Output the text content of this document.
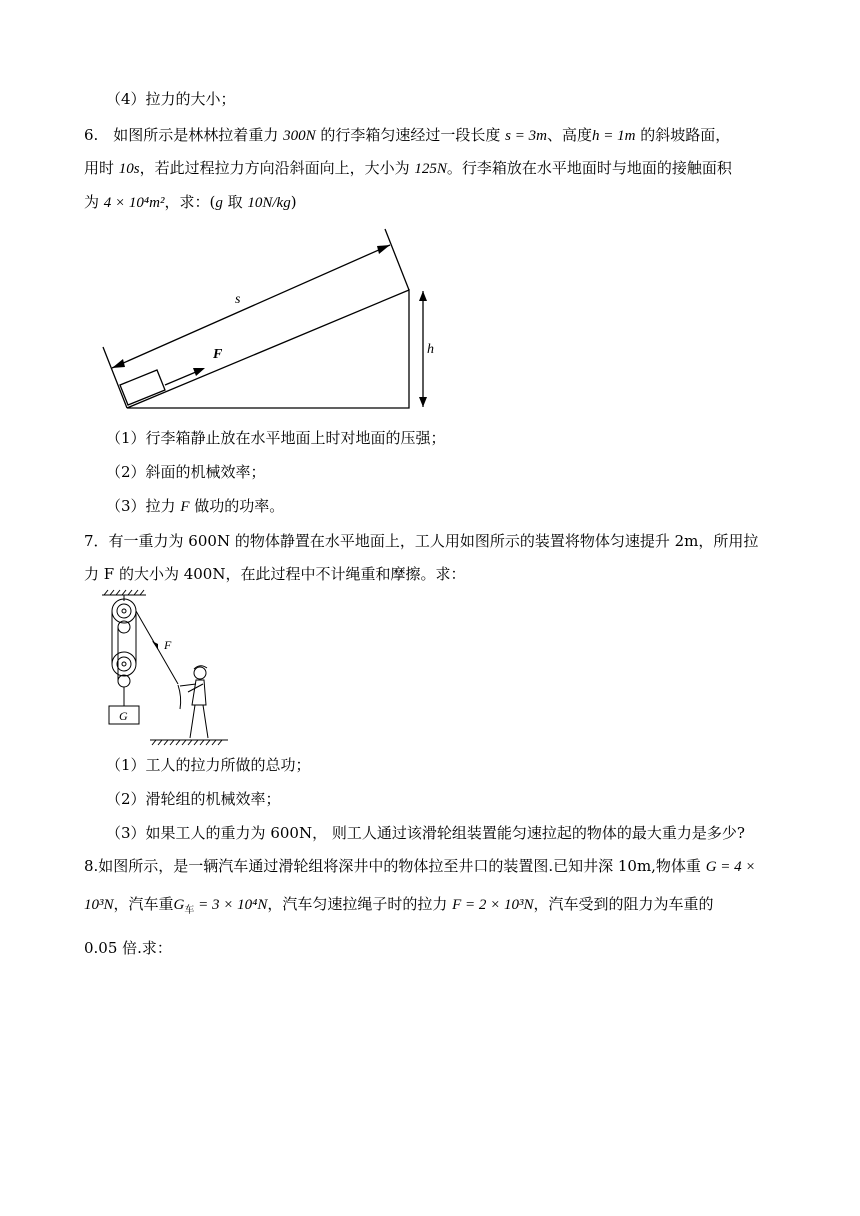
（4）拉力的大小；
6.　如图所示是林林拉着重力 300N 的行李箱匀速经过一段长度 s = 3m、高度h = 1m 的斜坡路面，
用时 10s，若此过程拉力方向沿斜面向上，大小为 125N。行李箱放在水平地面时与地面的接触面积
为 4 × 10⁴m²，求：(g 取 10N/kg)
s
F	h
（1）行李箱静止放在水平地面上时对地面的压强；
（2）斜面的机械效率；
（3）拉力 F 做功的功率。
7．有一重力为 600N 的物体静置在水平地面上，工人用如图所示的装置将物体匀速提升 2m，所用拉
力 F 的大小为 400N，在此过程中不计绳重和摩擦。求：
F
G
（1）工人的拉力所做的总功；
（2）滑轮组的机械效率；
（3）如果工人的重力为 600N， 则工人通过该滑轮组装置能匀速拉起的物体的最大重力是多少?
8.如图所示，是一辆汽车通过滑轮组将深井中的物体拉至井口的装置图.已知井深 10m,物体重 G = 4 ×
10³N，汽车重$G_车 = 3 \times 10^4N$，汽车匀速拉绳子时的拉力 F = 2 × 10³N，汽车受到的阻力为车重的
0.05 倍.求：
